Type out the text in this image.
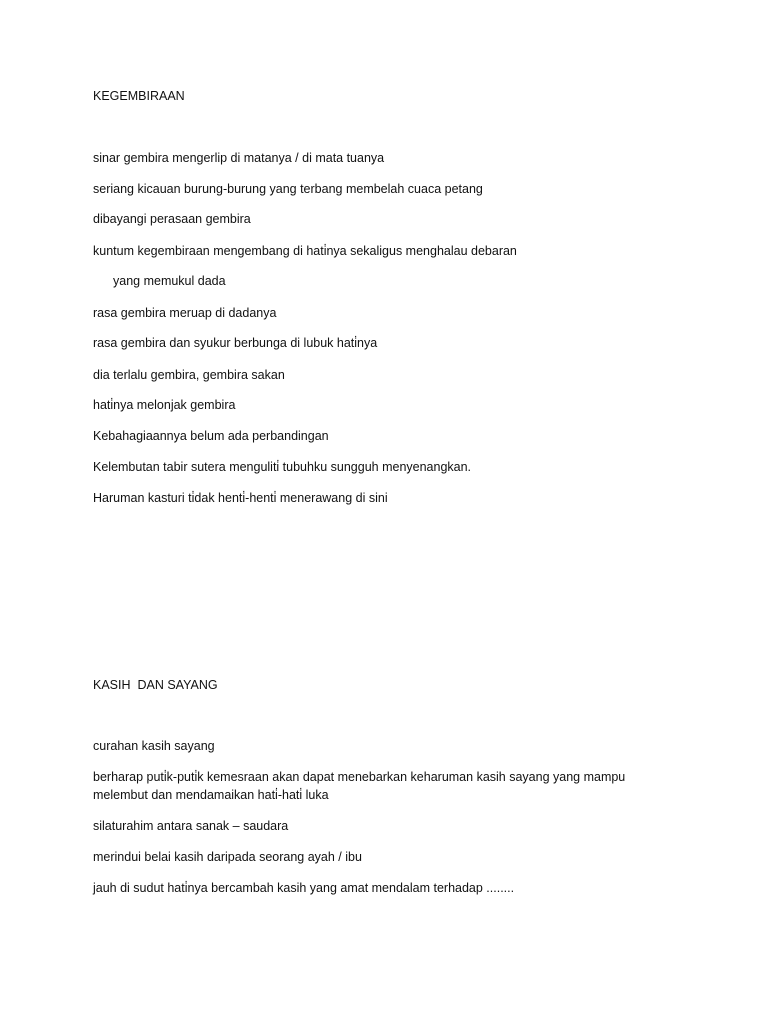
KEGEMBIRAAN

sinar gembira mengerlip di matanya / di mata tuanya

seriang kicauan burung-burung yang terbang membelah cuaca petang

dibayangi perasaan gembira

kuntum kegembiraan mengembang di hati̇nya sekaligus menghalau debaran

yang memukul dada

rasa gembira meruap di dadanya

rasa gembira dan syukur berbunga di lubuk hati̇nya

dia terlalu gembira, gembira sakan

hati̇nya melonjak gembira

Kebahagiaannya belum ada perbandingan

Kelembutan tabir sutera menguliti̇ tubuhku sungguh menyenangkan.

Haruman kasturi ti̇dak henti̇-henti̇ menerawang di sini

KASIH  DAN SAYANG

curahan kasih sayang

berharap puti̇k-puti̇k kemesraan akan dapat menebarkan keharuman kasih sayang yang mampu melembut dan mendamaikan hati̇-hati̇ luka

silaturahim antara sanak – saudara

merindui belai kasih daripada seorang ayah / ibu

jauh di sudut hati̇nya bercambah kasih yang amat mendalam terhadap ........
